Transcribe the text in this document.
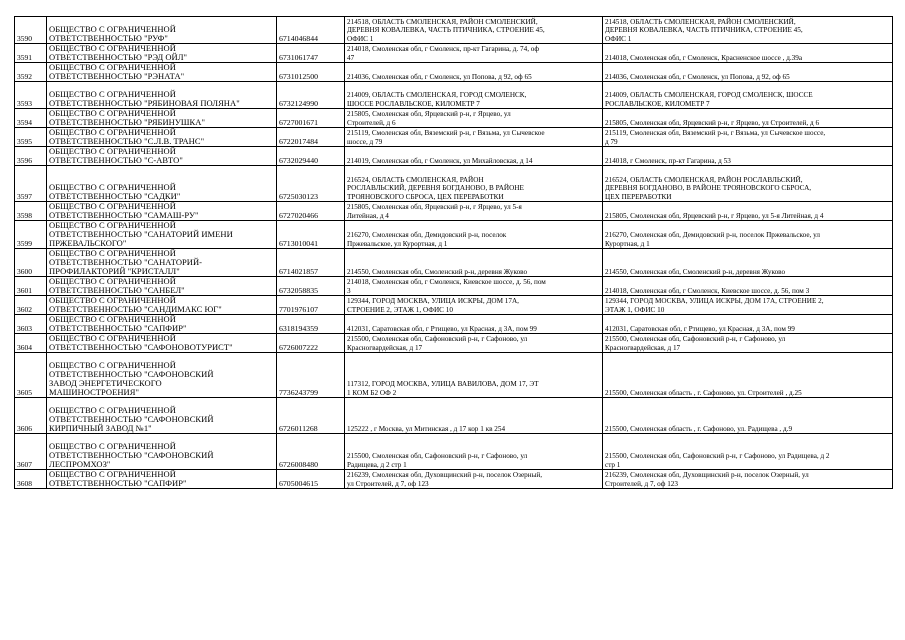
3590	ОБЩЕСТВО С ОГРАНИЧЕННОЙ
ОТВЕТСТВЕННОСТЬЮ "РУФ"	6714046844	214518, ОБЛАСТЬ СМОЛЕНСКАЯ, РАЙОН СМОЛЕНСКИЙ,
ДЕРЕВНЯ КОВАЛЕВКА, ЧАСТЬ ПТИЧНИКА, СТРОЕНИЕ 45,
ОФИС 1	214518, ОБЛАСТЬ СМОЛЕНСКАЯ, РАЙОН СМОЛЕНСКИЙ,
ДЕРЕВНЯ КОВАЛЕВКА, ЧАСТЬ ПТИЧНИКА, СТРОЕНИЕ 45,
ОФИС 1
3591	ОБЩЕСТВО С ОГРАНИЧЕННОЙ
ОТВЕТСТВЕННОСТЬЮ "РЭД ОЙЛ"	6731061747	214018, Смоленская обл, г Смоленск, пр-кт Гагарина, д. 74, оф
47	214018, Смоленская обл, г Смоленск, Красненское шоссе , д.39а
3592	ОБЩЕСТВО С ОГРАНИЧЕННОЙ
ОТВЕТСТВЕННОСТЬЮ "РЭНАТА"	6731012500	214036, Смоленская обл, г Смоленск, ул Попова, д 92, оф 65	214036, Смоленская обл, г Смоленск, ул Попова, д 92, оф 65
3593	ОБЩЕСТВО С ОГРАНИЧЕННОЙ
ОТВЕТСТВЕННОСТЬЮ "РЯБИНОВАЯ ПОЛЯНА"	6732124990	214009, ОБЛАСТЬ СМОЛЕНСКАЯ, ГОРОД СМОЛЕНСК,
ШОССЕ РОСЛАВЛЬСКОЕ, КИЛОМЕТР 7	214009, ОБЛАСТЬ СМОЛЕНСКАЯ, ГОРОД СМОЛЕНСК, ШОССЕ
РОСЛАВЛЬСКОЕ, КИЛОМЕТР 7
3594	ОБЩЕСТВО С ОГРАНИЧЕННОЙ
ОТВЕТСТВЕННОСТЬЮ "РЯБИНУШКА"	6727001671	215805, Смоленская обл, Ярцевский р-н, г Ярцево, ул
Строителей, д 6	215805, Смоленская обл, Ярцевский р-н, г Ярцево, ул Строителей, д 6
3595	ОБЩЕСТВО С ОГРАНИЧЕННОЙ
ОТВЕТСТВЕННОСТЬЮ "С.Л.В. ТРАНС"	6722017484	215119, Смоленская обл, Вяземский р-н, г Вязьма, ул Сычевское
шоссе, д 79	215119, Смоленская обл, Вяземский р-н, г Вязьма, ул Сычевское шоссе,
д 79
3596	ОБЩЕСТВО С ОГРАНИЧЕННОЙ
ОТВЕТСТВЕННОСТЬЮ "С-АВТО"	6732029440	214019, Смоленская обл, г Смоленск, ул Михайловская, д 14	214018, г Смоленск, пр-кт Гагарина, д 53
3597	ОБЩЕСТВО С ОГРАНИЧЕННОЙ
ОТВЕТСТВЕННОСТЬЮ "САДКИ"	6725030123	216524, ОБЛАСТЬ СМОЛЕНСКАЯ, РАЙОН
РОСЛАВЛЬСКИЙ, ДЕРЕВНЯ БОГДАНОВО, В РАЙОНЕ
ТРОЯНОВСКОГО СБРОСА, ЦЕХ ПЕРЕРАБОТКИ	216524, ОБЛАСТЬ СМОЛЕНСКАЯ, РАЙОН РОСЛАВЛЬСКИЙ,
ДЕРЕВНЯ БОГДАНОВО, В РАЙОНЕ ТРОЯНОВСКОГО СБРОСА,
ЦЕХ ПЕРЕРАБОТКИ
3598	ОБЩЕСТВО С ОГРАНИЧЕННОЙ
ОТВЕТСТВЕННОСТЬЮ "САМАШ-РУ"	6727020466	215805, Смоленская обл, Ярцевский р-н, г Ярцево, ул 5-я
Литейная, д 4	215805, Смоленская обл, Ярцевский р-н, г Ярцево, ул 5-я Литейная, д 4
3599	ОБЩЕСТВО С ОГРАНИЧЕННОЙ
ОТВЕТСТВЕННОСТЬЮ "САНАТОРИЙ ИМЕНИ
ПРЖЕВАЛЬСКОГО"	6713010041	216270, Смоленская обл, Демидовский р-н, поселок
Пржевальское, ул Курортная, д 1	216270, Смоленская обл, Демидовский р-н, поселок Пржевальское, ул
Курортная, д 1
3600	ОБЩЕСТВО С ОГРАНИЧЕННОЙ
ОТВЕТСТВЕННОСТЬЮ "САНАТОРИЙ-
ПРОФИЛАКТОРИЙ "КРИСТАЛЛ"	6714021857	214550, Смоленская обл, Смоленский р-н, деревня Жуково	214550, Смоленская обл, Смоленский р-н, деревня Жуково
3601	ОБЩЕСТВО С ОГРАНИЧЕННОЙ
ОТВЕТСТВЕННОСТЬЮ "САНБЕЛ"	6732058835	214018, Смоленская обл, г Смоленск, Киевское шоссе, д. 56, пом
3	214018, Смоленская обл, г Смоленск, Киевское шоссе, д. 56, пом 3
3602	ОБЩЕСТВО С ОГРАНИЧЕННОЙ
ОТВЕТСТВЕННОСТЬЮ "САНДИМАКС ЮГ"	7701976107	129344, ГОРОД МОСКВА, УЛИЦА ИСКРЫ, ДОМ 17А,
СТРОЕНИЕ 2, ЭТАЖ 1, ОФИС 10	129344, ГОРОД МОСКВА, УЛИЦА ИСКРЫ, ДОМ 17А, СТРОЕНИЕ 2,
ЭТАЖ 1, ОФИС 10
3603	ОБЩЕСТВО С ОГРАНИЧЕННОЙ
ОТВЕТСТВЕННОСТЬЮ "САПФИР"	6318194359	412031, Саратовская обл, г Ртищево, ул Красная, д 3А, пом 99	412031, Саратовская обл, г Ртищево, ул Красная, д 3А, пом 99
3604	ОБЩЕСТВО С ОГРАНИЧЕННОЙ
ОТВЕТСТВЕННОСТЬЮ "САФОНОВОТУРИСТ"	6726007222	215500, Смоленская обл, Сафоновский р-н, г Сафоново, ул
Красногвардейская, д 17	215500, Смоленская обл, Сафоновский р-н, г Сафоново, ул
Красногвардейская, д 17
3605	ОБЩЕСТВО С ОГРАНИЧЕННОЙ
ОТВЕТСТВЕННОСТЬЮ "САФОНОВСКИЙ
ЗАВОД ЭНЕРГЕТИЧЕСКОГО
МАШИНОСТРОЕНИЯ"	7736243799	117312, ГОРОД МОСКВА, УЛИЦА ВАВИЛОВА, ДОМ 17, ЭТ
1 КОМ Б2 ОФ 2	215500, Смоленская область , г. Сафоново, ул. Строителей , д.25
3606	ОБЩЕСТВО С ОГРАНИЧЕННОЙ
ОТВЕТСТВЕННОСТЬЮ "САФОНОВСКИЙ
КИРПИЧНЫЙ ЗАВОД №1"	6726011268	125222 , г Москва, ул Митинская , д 17 кор 1 кв 254	215500, Смоленская область , г. Сафоново, ул. Радищева , д.9
3607	ОБЩЕСТВО С ОГРАНИЧЕННОЙ
ОТВЕТСТВЕННОСТЬЮ "САФОНОВСКИЙ
ЛЕСПРОМХОЗ"	6726008480	215500, Смоленская обл, Сафоновский р-н, г Сафоново, ул
Радищева, д 2 стр 1	215500, Смоленская обл, Сафоновский р-н, г Сафоново, ул Радищева, д 2
стр 1
3608	ОБЩЕСТВО С ОГРАНИЧЕННОЙ
ОТВЕТСТВЕННОСТЬЮ "САПФИР"	6705004615	216239, Смоленская обл, Духовщинский р-н, поселок Озерный,
ул Строителей, д 7, оф 123	216239, Смоленская обл, Духовщинский р-н, поселок Озерный, ул
Строителей, д 7, оф 123
